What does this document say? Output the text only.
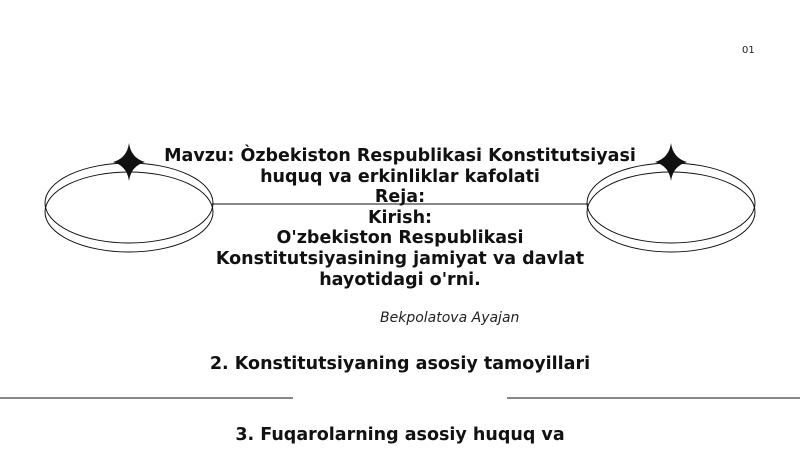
01
Mavzu: Òzbekiston Respublikasi Konstitutsiyasi
huquq va erkinliklar kafolati
Reja:
Kirish:
O'zbekiston Respublikasi
Konstitutsiyasining jamiyat va davlat
hayotidagi o'rni.
Bekpolatova Ayajan
2. Konstitutsiyaning asosiy tamoyillari
3. Fuqarolarning asosiy huquq va
